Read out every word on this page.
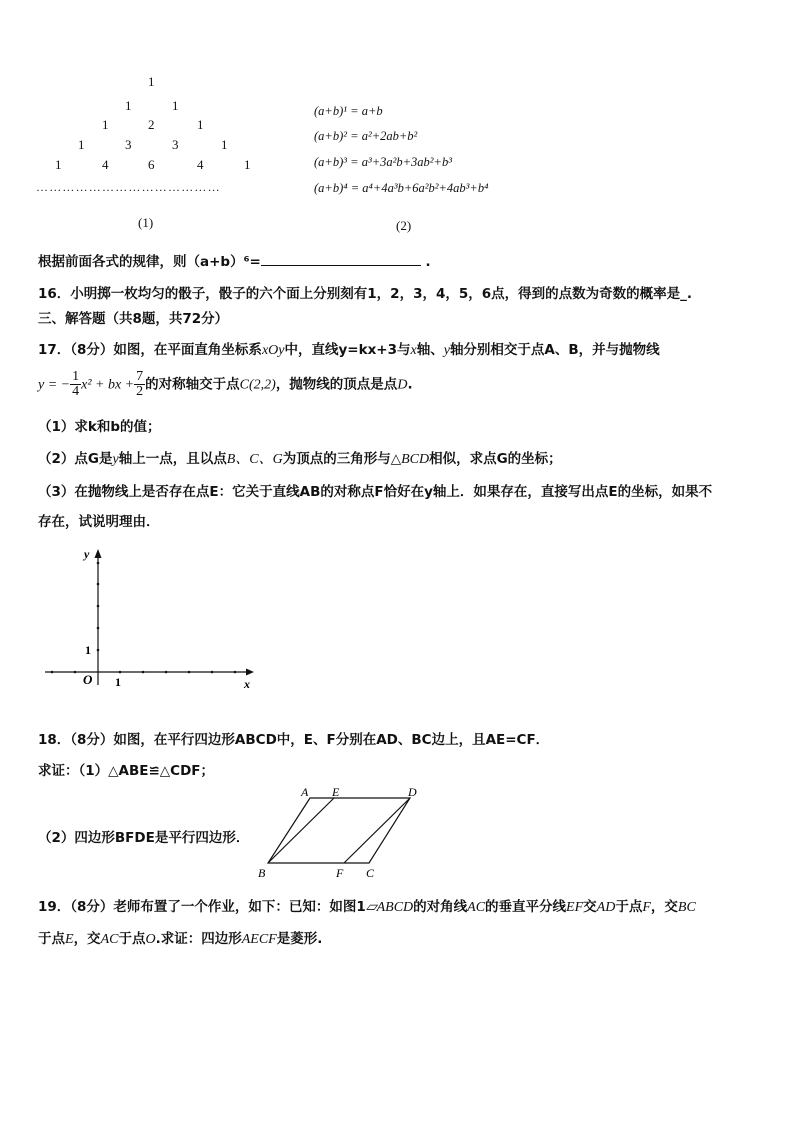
1
1	1
1	2	1
1	3	3	1
1	4	6	4	1
……………………………………
(1)
(a+b)¹ = a+b
(a+b)² = a²+2ab+b²
(a+b)³ = a³+3a²b+3ab²+b³
(a+b)⁴ = a⁴+4a³b+6a²b²+4ab³+b⁴
(2)
根据前面各式的规律，则（a+b）⁶=	.
16．小明掷一枚均匀的骰子，骰子的六个面上分别刻有1，2，3，4，5，6点，得到的点数为奇数的概率是_.
三、解答题（共8题，共72分）
17．（8分）如图，在平面直角坐标系xOy中，直线y=kx+3与x轴、y轴分别相交于点A、B，并与抛物线
y = − $\frac{1}{4} x^2$ + bx + $\frac{7}{2}$ 的对称轴交于点C(2,2)，抛物线的顶点是点D.
（1）求k和b的值；
（2）点G是y轴上一点，且以点B、C、G为顶点的三角形与△BCD相似，求点G的坐标；
（3）在抛物线上是否存在点E：它关于直线AB的对称点F恰好在y轴上．如果存在，直接写出点E的坐标，如果不
存在，试说明理由．
y
x
O 1
1
18．（8分）如图，在平行四边形ABCD中，E、F分别在AD、BC边上，且AE=CF．
求证：（1）△ABE≌△CDF；
（2）四边形BFDE是平行四边形．
A E	D
B	F C
19．（8分）老师布置了一个作业，如下：已知：如图1▱ABCD的对角线AC的垂直平分线EF交AD于点F，交BC
于点E，交AC于点O.求证：四边形AECF是菱形.
